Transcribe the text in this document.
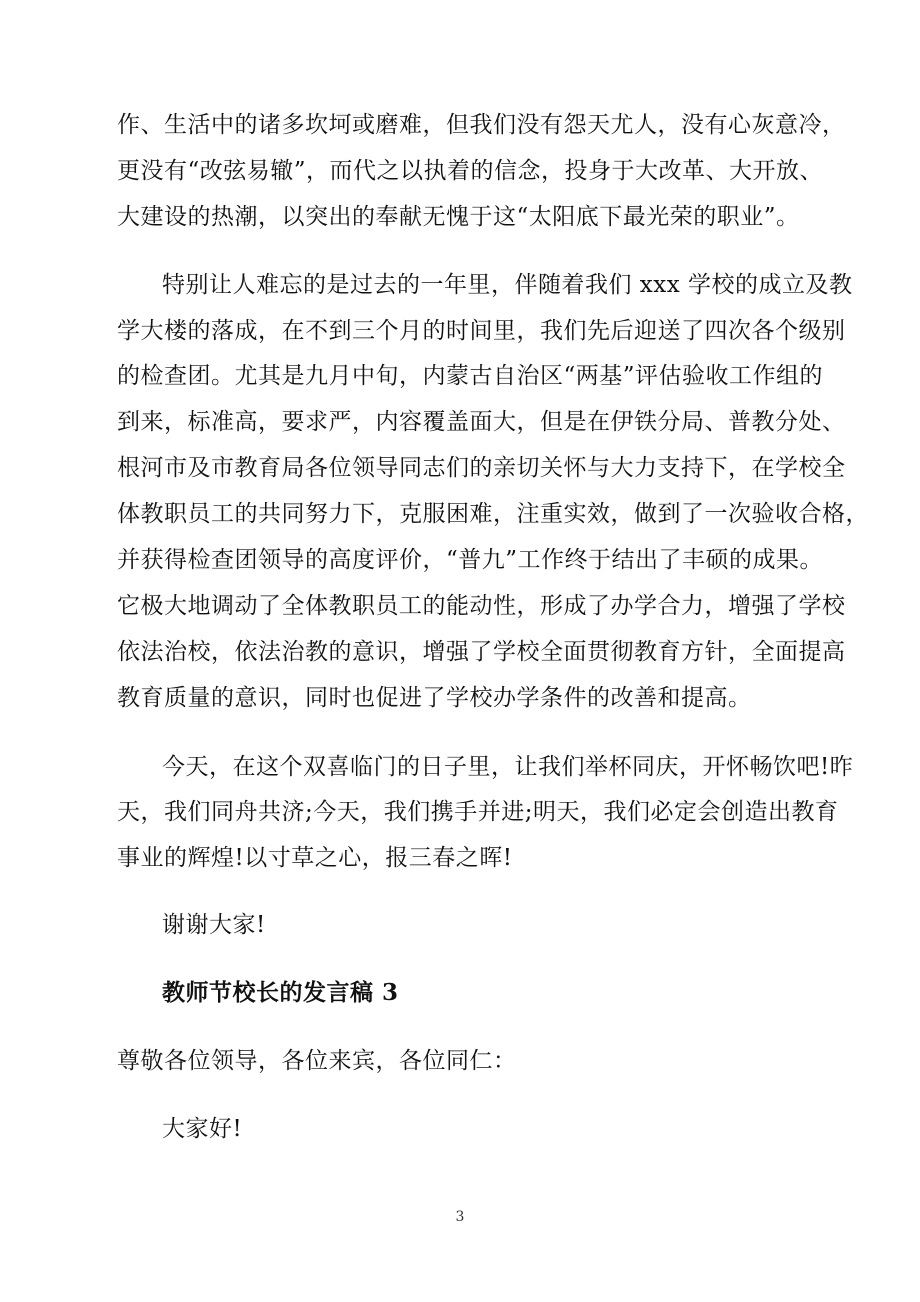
作、生活中的诸多坎坷或磨难，但我们没有怨天尤人，没有心灰意冷，
更没有“改弦易辙”，而代之以执着的信念，投身于大改革、大开放、
大建设的热潮，以突出的奉献无愧于这“太阳底下最光荣的职业”。
特别让人难忘的是过去的一年里，伴随着我们 xxx 学校的成立及教
学大楼的落成，在不到三个月的时间里，我们先后迎送了四次各个级别
的检查团。尤其是九月中旬，内蒙古自治区“两基”评估验收工作组的
到来，标准高，要求严，内容覆盖面大，但是在伊铁分局、普教分处、
根河市及市教育局各位领导同志们的亲切关怀与大力支持下，在学校全
体教职员工的共同努力下，克服困难，注重实效，做到了一次验收合格，
并获得检查团领导的高度评价，“普九”工作终于结出了丰硕的成果。
它极大地调动了全体教职员工的能动性，形成了办学合力，增强了学校
依法治校，依法治教的意识，增强了学校全面贯彻教育方针，全面提高
教育质量的意识，同时也促进了学校办学条件的改善和提高。
今天，在这个双喜临门的日子里，让我们举杯同庆，开怀畅饮吧!昨
天，我们同舟共济;今天，我们携手并进;明天，我们必定会创造出教育
事业的辉煌!以寸草之心，报三春之晖!
谢谢大家!
教师节校长的发言稿 3
尊敬各位领导，各位来宾，各位同仁：
大家好!
3
